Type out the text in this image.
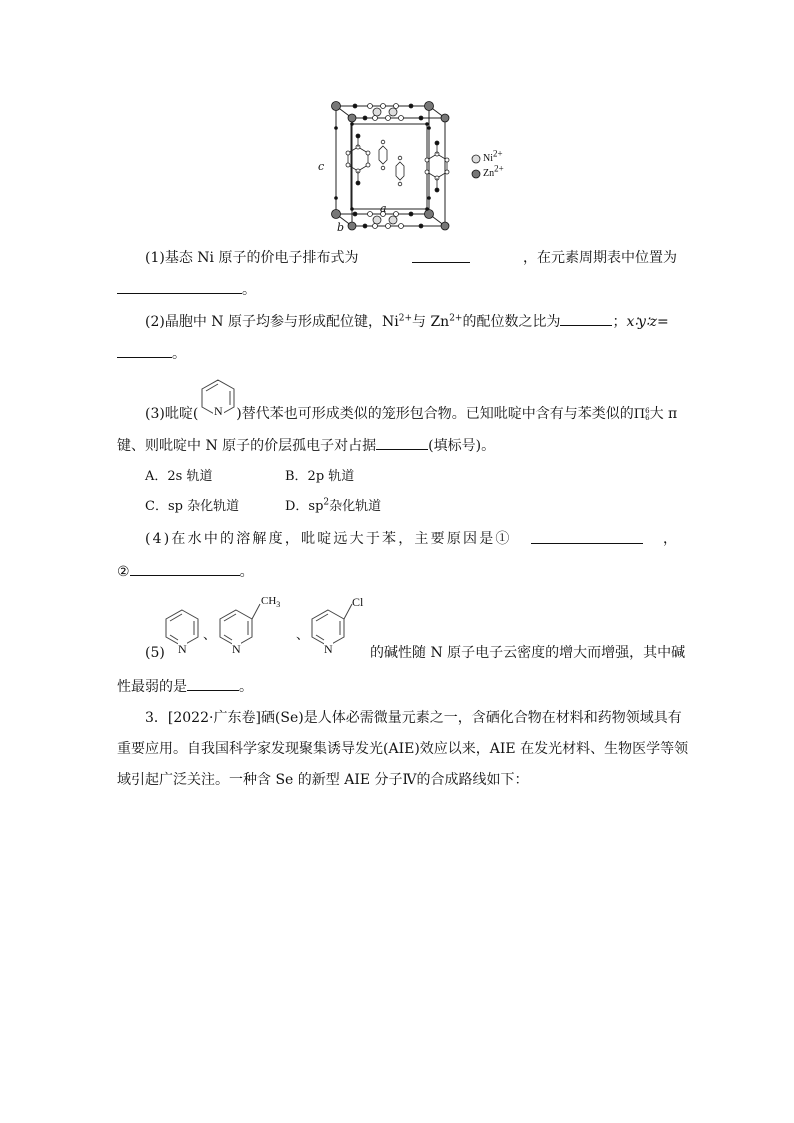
c
a
b
$Ni^{2+}$
$Zn^{2+}$
(1)基态 Ni 原子的价电子排布式为	，在元素周期表中位置为
。
(2)晶胞中 N 原子均参与形成配位键，$Ni^{2+}$与 $Zn^{2+}$的配位数之比为	；x∶y∶z=
。
N
(3)吡啶(	)替代苯也可形成类似的笼形包合物。已知吡啶中含有与苯类似的Π 6
6 大 π
键、则吡啶中 N 原子的价层孤电子对占据	(填标号)。
A．2s 轨道	B．2p 轨道
C．sp 杂化轨道	D．$sp^2$杂化轨道
(4)在水中的溶解度，吡啶远大于苯，主要原因是①	，
②	。
N
、
$CH_3$
N
、
Cl
N
(5)	的碱性随 N 原子电子云密度的增大而增强，其中碱
性最弱的是	。
3．[2022·广东卷]硒(Se)是人体必需微量元素之一，含硒化合物在材料和药物领域具有
重要应用。自我国科学家发现聚集诱导发光(AIE)效应以来，AIE 在发光材料、生物医学等领
域引起广泛关注。一种含 Se 的新型 AIE 分子Ⅳ的合成路线如下：
